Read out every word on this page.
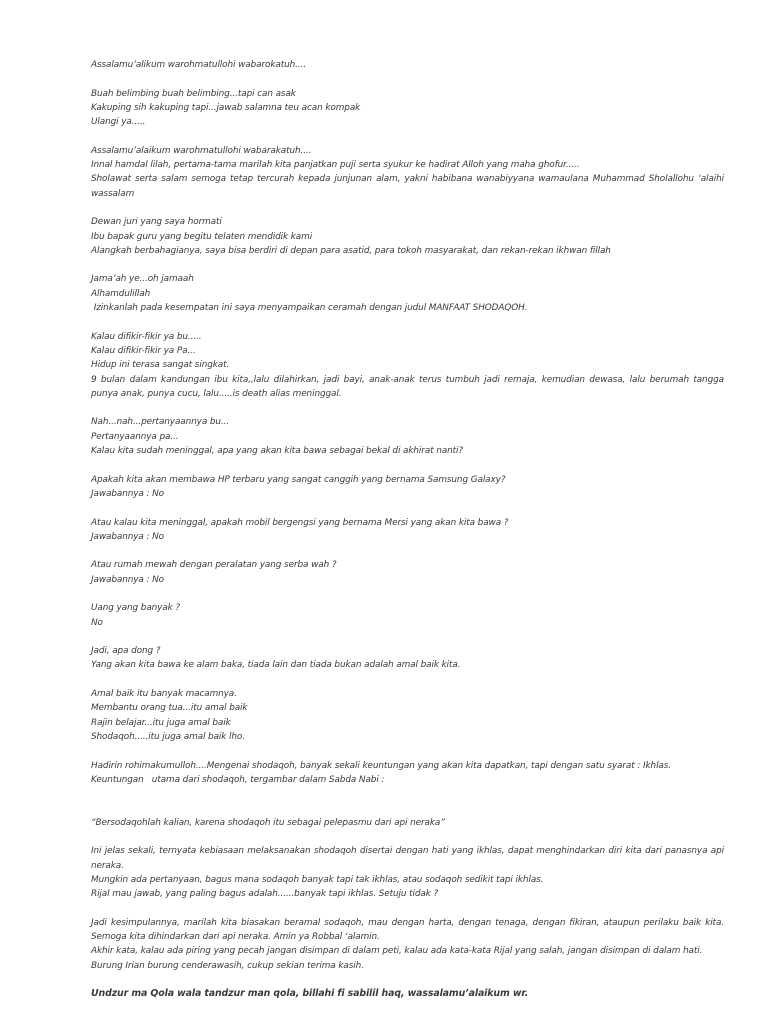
Assalamu’alikum warohmatullohi wabarokatuh....
Buah belimbing buah belimbing...tapi can asak
Kakuping sih kakuping tapi...jawab salamna teu acan kompak
Ulangi ya.....
Assalamu’alaikum warohmatullohi wabarakatuh....
Innal hamdal lilah, pertama-tama marilah kita panjatkan puji serta syukur ke hadirat Alloh yang maha ghofur.....
Sholawat serta salam semoga tetap tercurah kepada junjunan alam, yakni habibana wanabiyyana wamaulana Muhammad Sholallohu ‘alaihi wassalam
Dewan juri yang saya hormati
Ibu bapak guru yang begitu telaten mendidik kami
Alangkah berbahagianya, saya bisa berdiri di depan para asatid, para tokoh masyarakat, dan rekan-rekan ikhwan fillah
Jama’ah ye...oh jamaah
Alhamdulillah
Izinkanlah pada kesempatan ini saya menyampaikan ceramah dengan judul MANFAAT SHODAQOH.
Kalau difikir-fikir ya bu.....
Kalau difikir-fikir ya Pa...
Hidup ini terasa sangat singkat.
9 bulan dalam kandungan ibu kita,,lalu dilahirkan, jadi bayi, anak-anak terus tumbuh jadi remaja, kemudian dewasa, lalu berumah tangga punya anak, punya cucu, lalu.....is death alias meninggal.
Nah...nah...pertanyaannya bu...
Pertanyaannya pa...
Kalau kita sudah meninggal, apa yang akan kita bawa sebagai bekal di akhirat nanti?
Apakah kita akan membawa HP terbaru yang sangat canggih yang bernama Samsung Galaxy?
Jawabannya : No
Atau kalau kita meninggal, apakah mobil bergengsi yang bernama Mersi yang akan kita bawa ?
Jawabannya : No
Atau rumah mewah dengan peralatan yang serba wah ?
Jawabannya : No
Uang yang banyak ?
No
Jadi, apa dong ?
Yang akan kita bawa ke alam baka, tiada lain dan tiada bukan adalah amal baik kita.
Amal baik itu banyak macamnya.
Membantu orang tua...itu amal baik
Rajin belajar...itu juga amal baik
Shodaqoh.....itu juga amal baik lho.
Hadirin rohimakumulloh....Mengenai shodaqoh, banyak sekali keuntungan yang akan kita dapatkan, tapi dengan satu syarat : Ikhlas.
Keuntungan   utama dari shodaqoh, tergambar dalam Sabda Nabi :
“Bersodaqohlah kalian, karena shodaqoh itu sebagai pelepasmu dari api neraka”
Ini jelas sekali, ternyata kebiasaan melaksanakan shodaqoh disertai dengan hati yang ikhlas, dapat menghindarkan diri kita dari panasnya api neraka.
Mungkin ada pertanyaan, bagus mana sodaqoh banyak tapi tak ikhlas, atau sodaqoh sedikit tapi ikhlas.
Rijal mau jawab, yang paling bagus adalah......banyak tapi ikhlas. Setuju tidak ?
Jadi kesimpulannya, marilah kita biasakan beramal sodaqoh, mau dengan harta, dengan tenaga, dengan fikiran, ataupun perilaku baik kita. Semoga kita dihindarkan dari api neraka. Amin ya Robbal ‘alamin.
Akhir kata, kalau ada piring yang pecah jangan disimpan di dalam peti, kalau ada kata-kata Rijal yang salah, jangan disimpan di dalam hati.
Burung Irian burung cenderawasih, cukup sekian terima kasih.
Undzur ma Qola wala tandzur man qola, billahi fi sabilil haq, wassalamu’alaikum wr.
